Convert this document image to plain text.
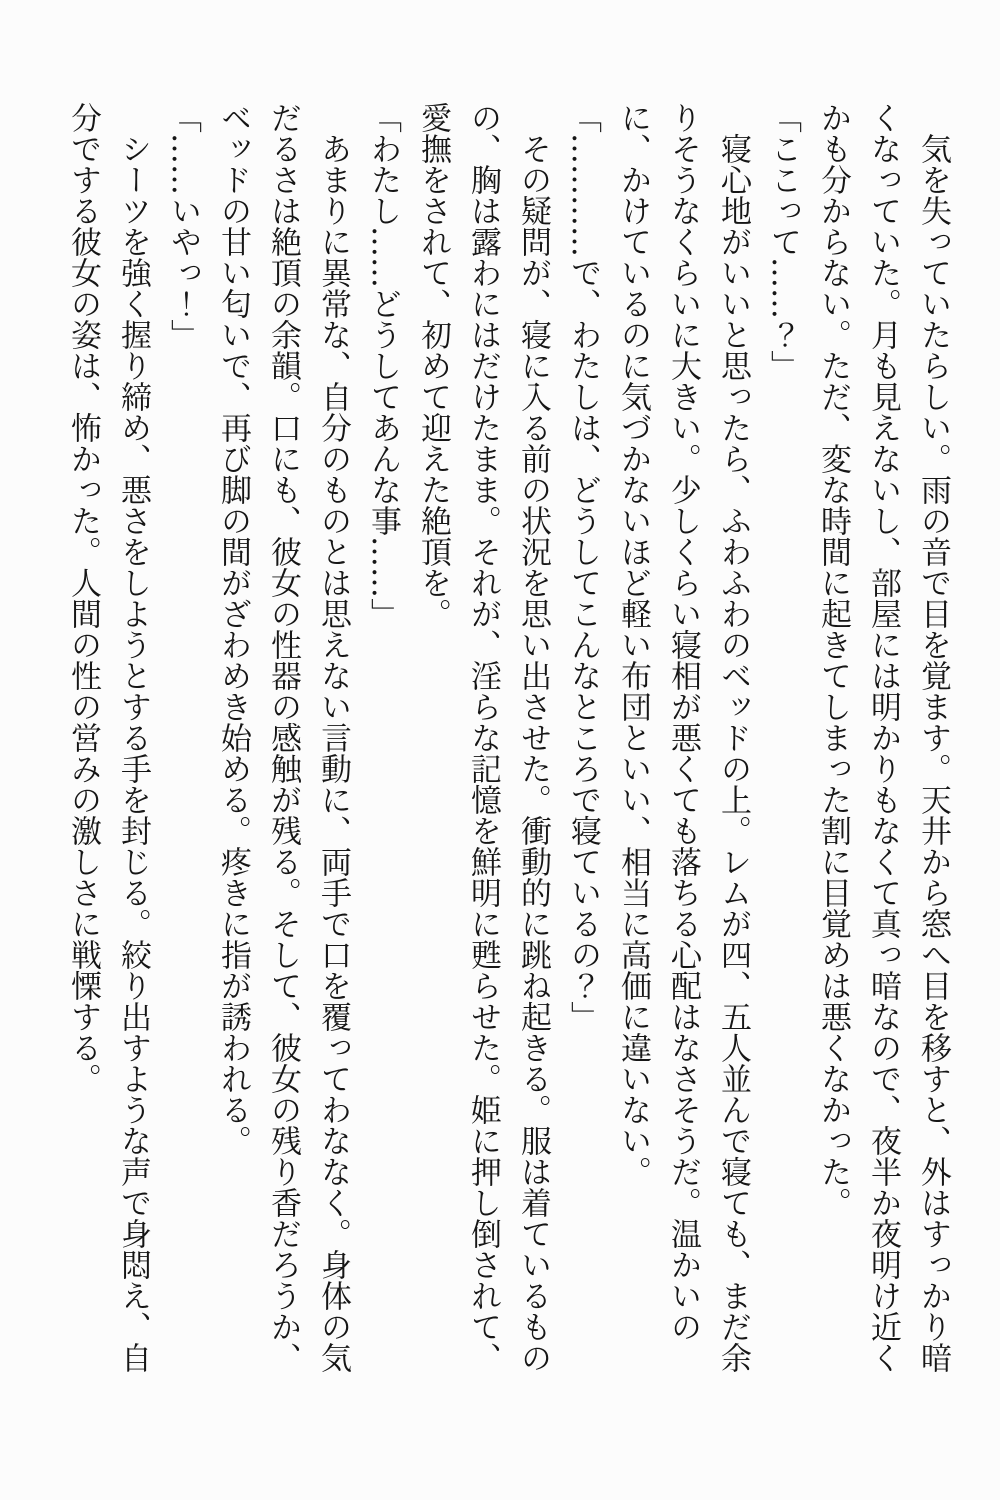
気を失っていたらしい。雨の音で目を覚ます。天井から窓へ目を移すと、外はすっかり暗くなっていた。月も見えないし、部屋には明かりもなくて真っ暗なので、夜半か夜明け近くかも分からない。ただ、変な時間に起きてしまった割に目覚めは悪くなかった。

「ここって……？」

寝心地がいいと思ったら、ふわふわのベッドの上。レムが四、五人並んで寝ても、まだ余りそうなくらいに大きい。少しくらい寝相が悪くても落ちる心配はなさそうだ。温かいのに、かけているのに気づかないほど軽い布団といい、相当に高価に違いない。

「…………で、わたしは、どうしてこんなところで寝ているの？」

その疑問が、寝に入る前の状況を思い出させた。衝動的に跳ね起きる。服は着ているものの、胸は露わにはだけたまま。それが、淫らな記憶を鮮明に甦らせた。姫に押し倒されて、愛撫をされて、初めて迎えた絶頂を。

「わたし……どうしてあんな事……」

あまりに異常な、自分のものとは思えない言動に、両手で口を覆ってわななく。身体の気だるさは絶頂の余韻。口にも、彼女の性器の感触が残る。そして、彼女の残り香だろうか、ベッドの甘い匂いで、再び脚の間がざわめき始める。疼きに指が誘われる。

「……いやっ！」

シーツを強く握り締め、悪さをしようとする手を封じる。絞り出すような声で身悶え、自分でする彼女の姿は、怖かった。人間の性の営みの激しさに戦慄する。
